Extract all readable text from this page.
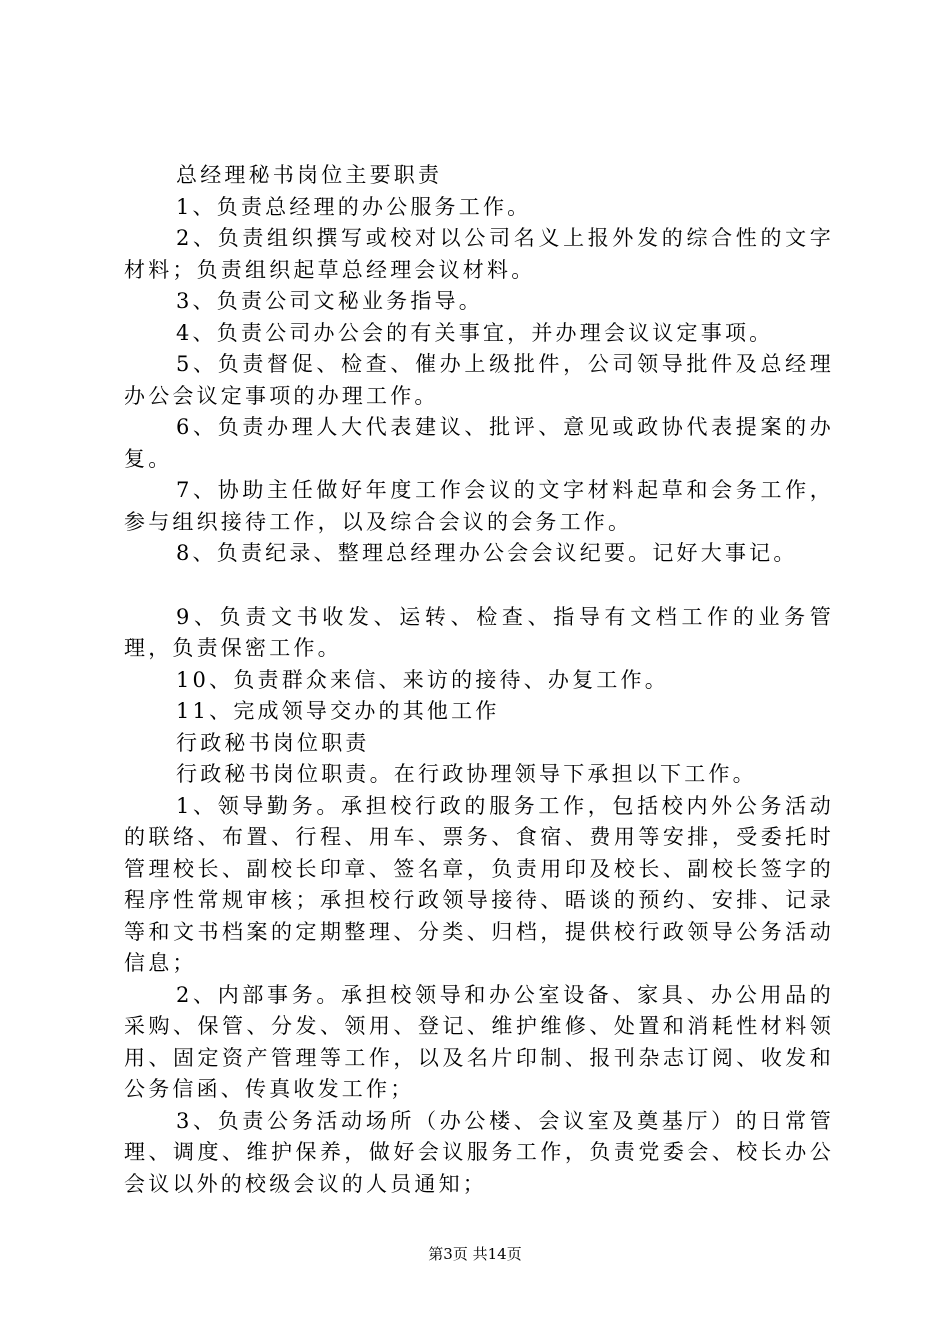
总经理秘书岗位主要职责

1、负责总经理的办公服务工作。

2、负责组织撰写或校对以公司名义上报外发的综合性的文字材料；负责组织起草总经理会议材料。

3、负责公司文秘业务指导。

4、负责公司办公会的有关事宜，并办理会议议定事项。

5、负责督促、检查、催办上级批件，公司领导批件及总经理办公会议定事项的办理工作。

6、负责办理人大代表建议、批评、意见或政协代表提案的办复。

7、协助主任做好年度工作会议的文字材料起草和会务工作，参与组织接待工作，以及综合会议的会务工作。

8、负责纪录、整理总经理办公会会议纪要。记好大事记。

9、负责文书收发、运转、检查、指导有文档工作的业务管理，负责保密工作。

10、负责群众来信、来访的接待、办复工作。

11、完成领导交办的其他工作

行政秘书岗位职责

行政秘书岗位职责。在行政协理领导下承担以下工作。

1、领导勤务。承担校行政的服务工作，包括校内外公务活动的联络、布置、行程、用车、票务、食宿、费用等安排，受委托时管理校长、副校长印章、签名章，负责用印及校长、副校长签字的程序性常规审核；承担校行政领导接待、晤谈的预约、安排、记录等和文书档案的定期整理、分类、归档，提供校行政领导公务活动信息；

2、内部事务。承担校领导和办公室设备、家具、办公用品的采购、保管、分发、领用、登记、维护维修、处置和消耗性材料领用、固定资产管理等工作，以及名片印制、报刊杂志订阅、收发和公务信函、传真收发工作；

3、负责公务活动场所（办公楼、会议室及奠基厅）的日常管理、调度、维护保养，做好会议服务工作，负责党委会、校长办公会议以外的校级会议的人员通知；

第3页 共14页
